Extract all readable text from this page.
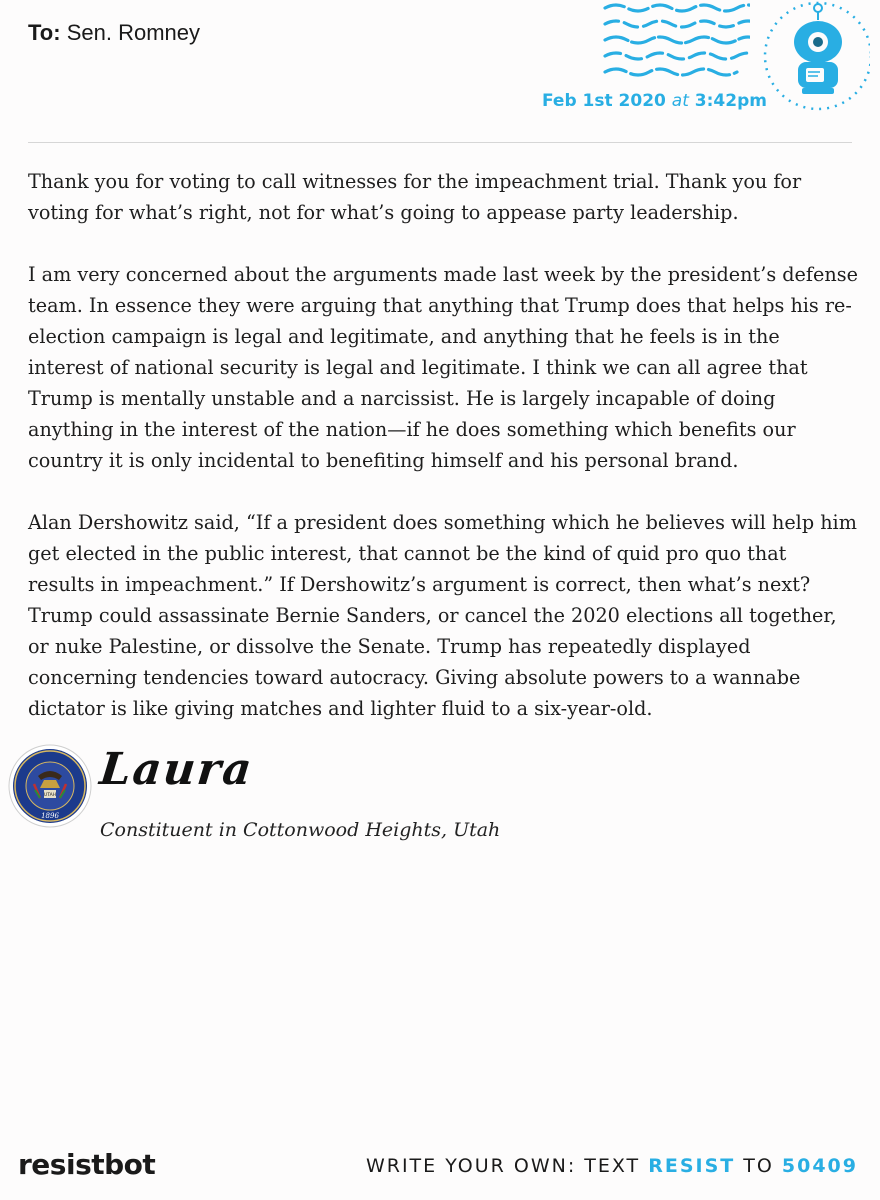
To: Sen. Romney
Feb 1st 2020 at 3:42pm

Thank you for voting to call witnesses for the impeachment trial. Thank you for voting for what’s right, not for what’s going to appease party leadership.

I am very concerned about the arguments made last week by the president’s defense team. In essence they were arguing that anything that Trump does that helps his re-election campaign is legal and legitimate, and anything that he feels is in the interest of national security is legal and legitimate. I think we can all agree that Trump is mentally unstable and a narcissist. He is largely incapable of doing anything in the interest of the nation—if he does something which benefits our country it is only incidental to benefiting himself and his personal brand.

Alan Dershowitz said, “If a president does something which he believes will help him get elected in the public interest, that cannot be the kind of quid pro quo that results in impeachment.” If Dershowitz’s argument is correct, then what’s next? Trump could assassinate Bernie Sanders, or cancel the 2020 elections all together, or nuke Palestine, or dissolve the Senate. Trump has repeatedly displayed concerning tendencies toward autocracy. Giving absolute powers to a wannabe dictator is like giving matches and lighter fluid to a six-year-old.

UTAH
1896
Laura
Constituent in Cottonwood Heights, Utah
resistbot	WRITE YOUR OWN: TEXT RESIST TO 50409
